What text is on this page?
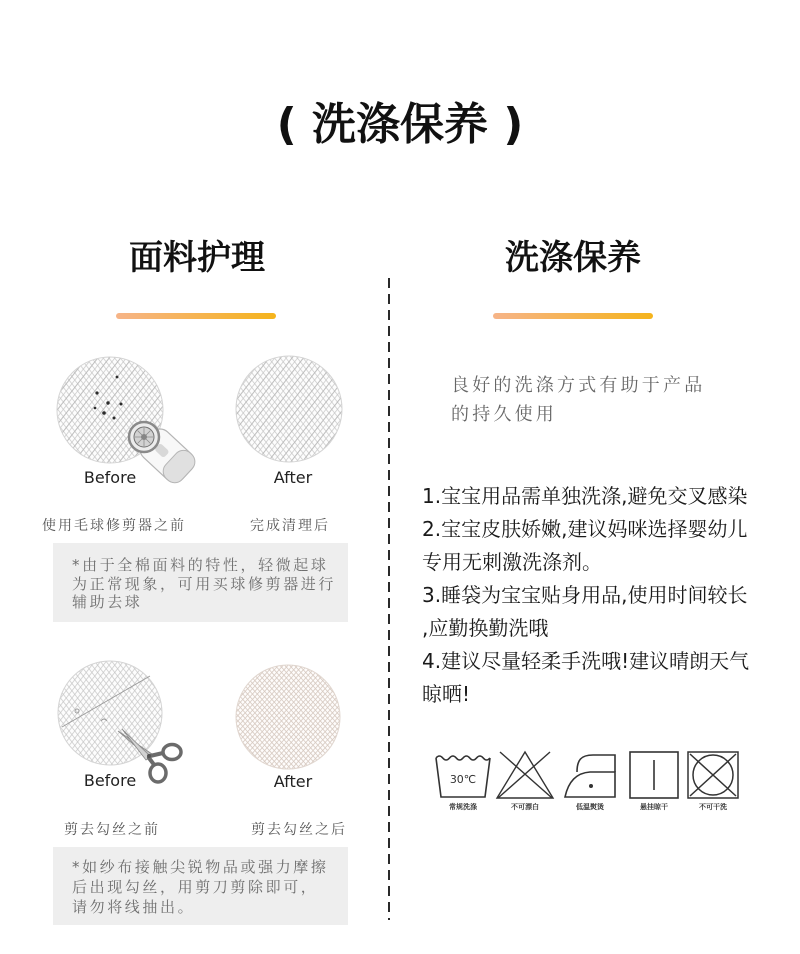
( 洗涤保养 )
面料护理	洗涤保养
Before	After
使用毛球修剪器之前	完成清理后
*由于全棉面料的特性，轻微起球
为正常现象，可用买球修剪器进行
辅助去球
Before	After
剪去勾丝之前	剪去勾丝之后
*如纱布接触尖锐物品或强力摩擦
后出现勾丝，用剪刀剪除即可，
请勿将线抽出。
良好的洗涤方式有助于产品
的持久使用
1.宝宝用品需单独洗涤,避免交叉感染
2.宝宝皮肤娇嫩,建议妈咪选择婴幼儿
专用无刺激洗涤剂。
3.睡袋为宝宝贴身用品,使用时间较长
,应勤换勤洗哦
4.建议尽量轻柔手洗哦!建议晴朗天气
晾晒!
30℃
常规洗涤	不可漂白	低温熨烫	悬挂晾干	不可干洗
